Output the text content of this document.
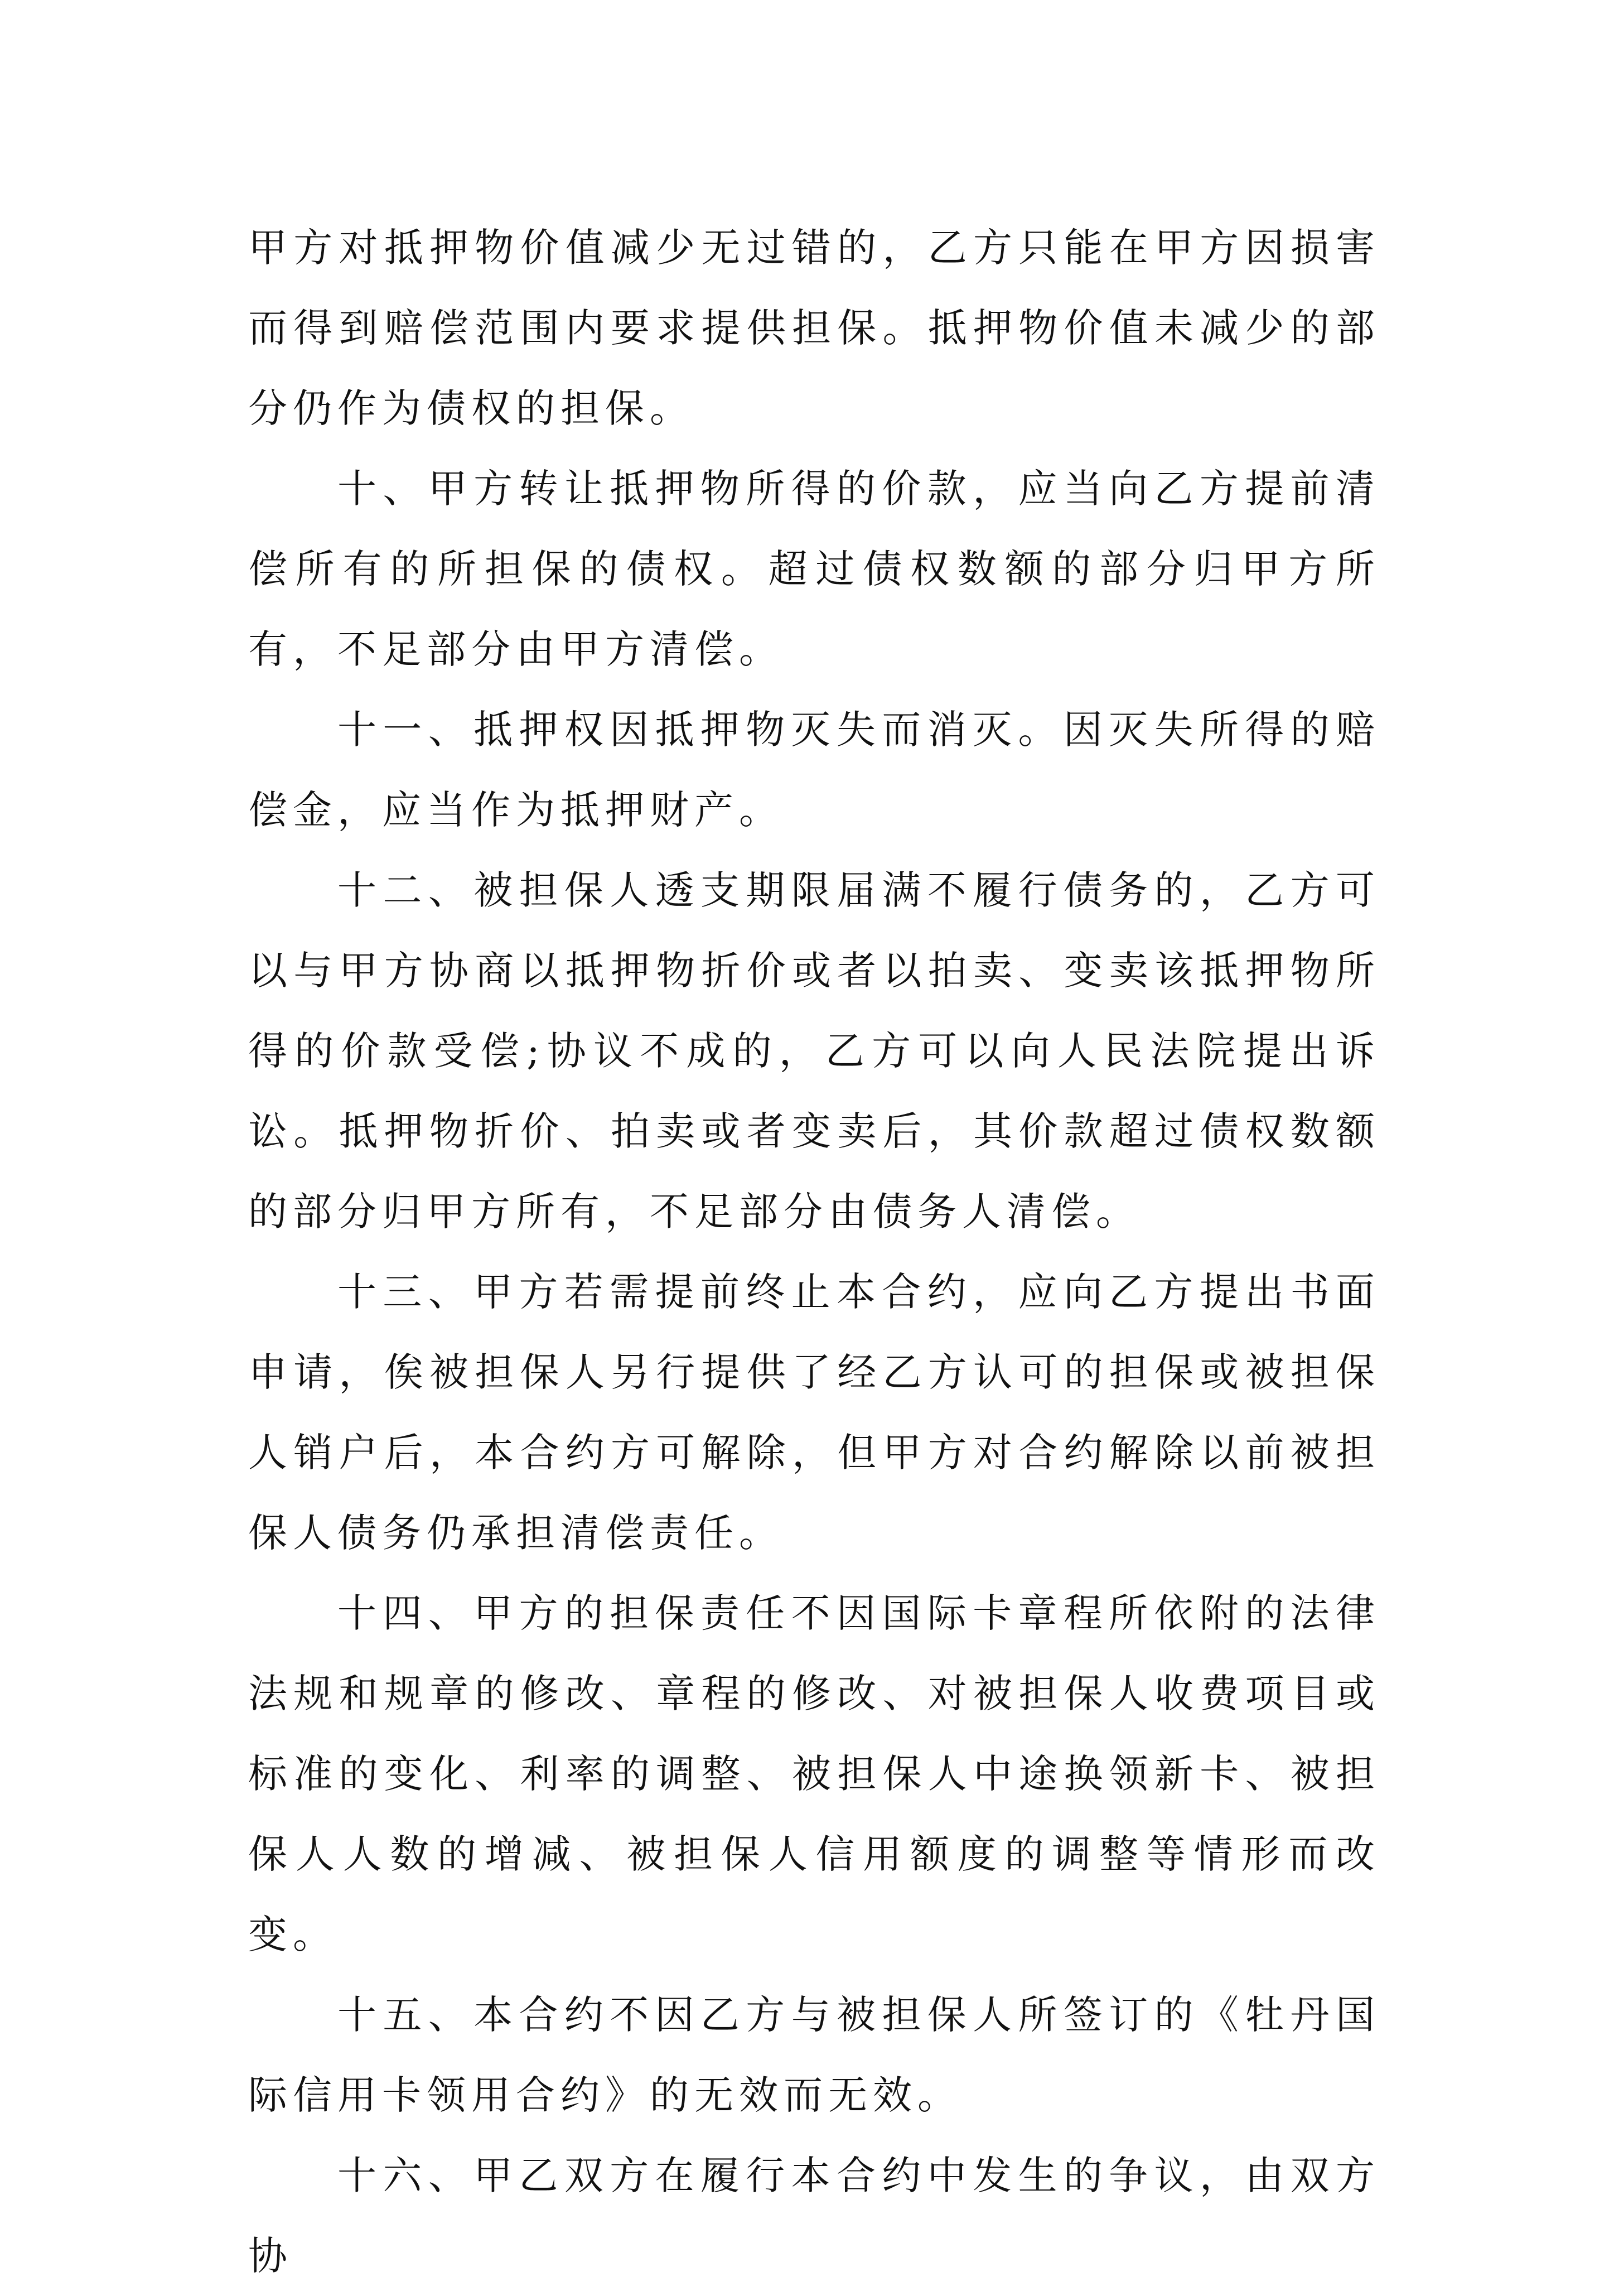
甲方对抵押物价值减少无过错的，乙方只能在甲方因损害而得到赔偿范围内要求提供担保。抵押物价值未减少的部分仍作为债权的担保。

十、甲方转让抵押物所得的价款，应当向乙方提前清偿所有的所担保的债权。超过债权数额的部分归甲方所有，不足部分由甲方清偿。

十一、抵押权因抵押物灭失而消灭。因灭失所得的赔偿金，应当作为抵押财产。

十二、被担保人透支期限届满不履行债务的，乙方可以与甲方协商以抵押物折价或者以拍卖、变卖该抵押物所得的价款受偿;协议不成的，乙方可以向人民法院提出诉讼。抵押物折价、拍卖或者变卖后，其价款超过债权数额的部分归甲方所有，不足部分由债务人清偿。

十三、甲方若需提前终止本合约，应向乙方提出书面申请，俟被担保人另行提供了经乙方认可的担保或被担保人销户后，本合约方可解除，但甲方对合约解除以前被担保人债务仍承担清偿责任。

十四、甲方的担保责任不因国际卡章程所依附的法律法规和规章的修改、章程的修改、对被担保人收费项目或标准的变化、利率的调整、被担保人中途换领新卡、被担保人人数的增减、被担保人信用额度的调整等情形而改变。

十五、本合约不因乙方与被担保人所签订的《牡丹国际信用卡领用合约》的无效而无效。

十六、甲乙双方在履行本合约中发生的争议，由双方协
